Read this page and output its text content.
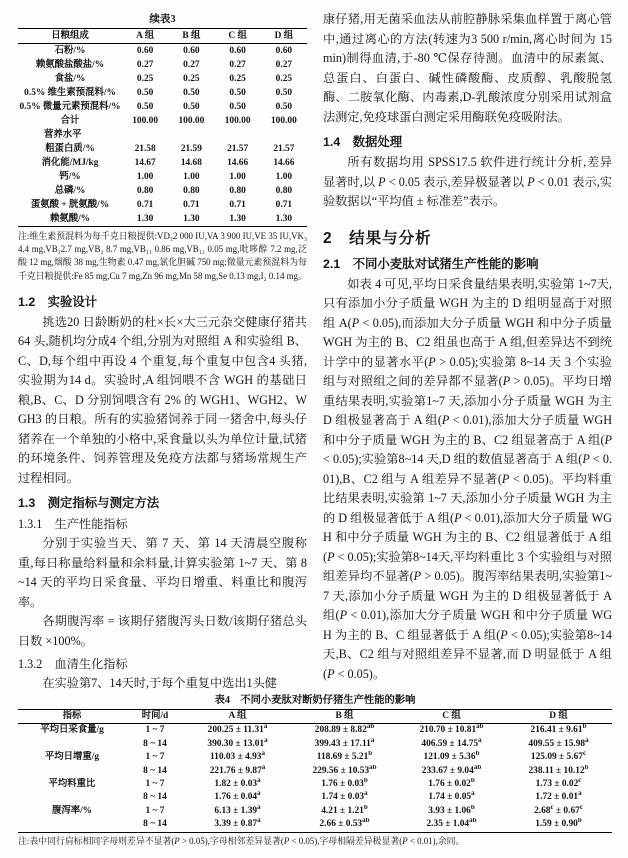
续表3
日粮组成	A 组	B 组	C 组	D 组
石粉/%	0.60	0.60	0.60	0.60
赖氨酸盐酸盐/%	0.27	0.27	0.27	0.27
食盐/%	0.25	0.25	0.25	0.25
0.5% 维生素预混料/%	0.50	0.50	0.50	0.50
0.5% 微量元素预混料/%	0.50	0.50	0.50	0.50
合计	100.00	100.00	100.00	100.00
营养水平				
粗蛋白质/%	21.58	21.59	21.57	21.57
消化能/MJ/kg	14.67	14.68	14.66	14.66
钙/%	1.00	1.00	1.00	1.00
总磷/%	0.80	0.80	0.80	0.80
蛋氨酸 + 胱氨酸/%	0.71	0.71	0.71	0.71
赖氨酸/%	1.30	1.30	1.30	1.30
注:维生素预混料为每千克日粮提供:VD₃2 000 IU,VA 3 900 IU,VE 35 IU,VK₃4.4 mg,VB₁2.7 mg,VB₂ 8.7 mg,VB₁₁ 0.86 mg,VB₁₂ 0.05 mg,吡哆醇 7.2 mg,泛酸 12 mg,烟酸 38 mg,生物素 0.47 mg,氯化胆碱 750 mg;微量元素预混料为每千克日粮提供:Fe 85 mg,Cu 7 mg,Zn 96 mg,Mn 58 mg,Se 0.13 mg,I₂ 0.14 mg。
1.2　实验设计

挑选20 日龄断奶的杜×长×大三元杂交健康仔猪共64 头,随机均分成4 个组,分别为对照组 A 和实验组 B、C、D,每个组中再设 4 个重复,每个重复中包含4 头猪,实验期为14 d。实验时,A 组饲喂不含 WGH 的基础日粮,B、C、D 分别饲喂含有 2% 的 WGH1、WGH2、WGH3 的日粮。所有的实验猪饲养于同一猪舍中,每头仔猪养在一个单独的小格中,采食量以头为单位计量,试猪的环境条件、饲养管理及免疫方法都与猪场常规生产过程相同。

1.3　测定指标与测定方法
1.3.1　生产性能指标

分别于实验当天、第 7 天、第 14 天清晨空腹称重,每日称量给料量和余料量,计算实验第 1~7 天、第 8~14 天的平均日采食量、平均日增重、料重比和腹泻率。

各期腹泻率 = 该期仔猪腹泻头日数/该期仔猪总头日数 ×100%。

1.3.2　血清生化指标

在实验第7、14天时,于每个重复中选出1头健

康仔猪,用无菌采血法从前腔静脉采集血样置于离心管中,通过离心的方法(转速为3 500 r/min,离心时间为 15 min)制得血清,于-80 ℃保存待测。血清中的尿素氮、总蛋白、白蛋白、碱性磷酸酶、皮质醇、乳酸脱氢酶、二胺氧化酶、内毒素,D-乳酸浓度分别采用试剂盒法测定,免疫球蛋白测定采用酶联免疫吸附法。

1.4　数据处理

所有数据均用 SPSS17.5 软件进行统计分析,差异显著时,以 P < 0.05 表示,差异极显著以 P < 0.01 表示,实验数据以“平均值 ± 标准差”表示。

2　结果与分析
2.1　不同小麦肽对试猪生产性能的影响

如表 4 可见,平均日采食量结果表明,实验第 1~7天,只有添加小分子质量 WGH 为主的 D 组明显高于对照组 A(P < 0.05),而添加大分子质量 WGH 和中分子质量 WGH 为主的 B、C2 组虽也高于 A 组,但差异达不到统计学中的显著水平(P > 0.05);实验第 8~14 天 3 个实验组与对照组之间的差异都不显著(P > 0.05)。平均日增重结果表明,实验第1~7 天,添加小分子质量 WGH 为主 D 组极显著高于 A 组(P < 0.01),添加大分子质量 WGH 和中分子质量 WGH 为主的 B、C2 组显著高于 A 组(P < 0.05);实验第8~14 天,D 组的数值显著高于 A 组(P < 0.01),B、C2 组与 A 组差异不显著(P < 0.05)。平均料重比结果表明,实验第 1~7 天,添加小分子质量 WGH 为主的 D 组极显著低于 A 组(P < 0.01),添加大分子质量 WGH 和中分子质量 WGH 为主的 B、C2 组显著低于 A 组(P < 0.05);实验第8~14天,平均料重比 3 个实验组与对照组差异均不显著(P > 0.05)。腹泻率结果表明,实验第1~7 天,添加小分子质量 WGH 为主的 D 组极显著低于 A 组(P < 0.01),添加大分子质量 WGH 和中分子质量 WGH 为主的 B、C 组显著低于 A 组(P < 0.05);实验第8~14天,B、C2 组与对照组差异不显著,而 D 明显低于 A 组(P < 0.05)。

表4　不同小麦肽对断奶仔猪生产性能的影响
指标	时间/d	A 组	B 组	C 组	D 组
平均日采食量/g	1 ~ 7	200.25 ± 11.31$^a$	208.89 ± 8.82$^{ab}$	210.70 ± 10.81$^{ab}$	216.41 ± 9.61$^b$
	8 ~ 14	390.30 ± 13.01$^a$	399.43 ± 17.11$^a$	406.59 ± 14.75$^a$	409.55 ± 15.98$^a$
平均日增重/g	1 ~ 7	110.03 ± 4.93$^a$	118.69 ± 5.21$^b$	121.09 ± 5.36$^b$	125.09 ± 5.67$^c$
	8 ~ 14	221.76 ± 9.87$^a$	229.56 ± 10.53$^{ab}$	233.67 ± 9.04$^{ab}$	238.11 ± 10.12$^b$
平均料重比	1 ~ 7	1.82 ± 0.03$^a$	1.76 ± 0.03$^b$	1.76 ± 0.02$^b$	1.73 ± 0.02$^c$
	8 ~ 14	1.76 ± 0.04$^a$	1.74 ± 0.03$^a$	1.74 ± 0.05$^a$	1.72 ± 0.01$^a$
腹泻率/%	1 ~ 7	6.13 ± 1.39$^a$	4.21 ± 1.21$^b$	3.93 ± 1.06$^b$	2.68$^c$ ± 0.67$^c$
	8 ~ 14	3.39 ± 0.87$^a$	2.66 ± 0.53$^{ab}$	2.35 ± 1.04$^{ab}$	1.59 ± 0.90$^b$
注:表中同行肩标相同字母则差异不显著(P > 0.05),字母相邻差异显著(P < 0.05),字母相隔差异极显著(P < 0.01),余同。
